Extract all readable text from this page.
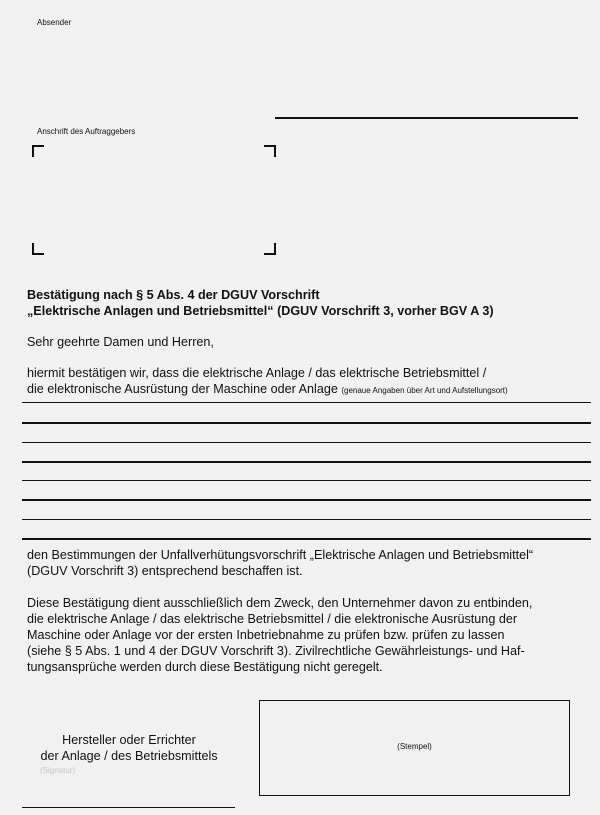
Absender
Anschrift des Auftraggebers
Bestätigung nach § 5 Abs. 4 der DGUV Vorschrift
„Elektrische Anlagen und Betriebsmittel“ (DGUV Vorschrift 3, vorher BGV A 3)
Sehr geehrte Damen und Herren,
hiermit bestätigen wir, dass die elektrische Anlage / das elektrische Betriebsmittel /
die elektronische Ausrüstung der Maschine oder Anlage (genaue Angaben über Art und Aufstellungsort)
den Bestimmungen der Unfallverhütungsvorschrift „Elektrische Anlagen und Betriebsmittel“
(DGUV Vorschrift 3) entsprechend beschaffen ist.
Diese Bestätigung dient ausschließlich dem Zweck, den Unternehmer davon zu entbinden,
die elektrische Anlage / das elektrische Betriebsmittel / die elektronische Ausrüstung der
Maschine oder Anlage vor der ersten Inbetriebnahme zu prüfen bzw. prüfen zu lassen
(siehe § 5 Abs. 1 und 4 der DGUV Vorschrift 3). Zivilrechtliche Gewährleistungs- und Haf-
tungsansprüche werden durch diese Bestätigung nicht geregelt.
Hersteller oder Errichter
der Anlage / des Betriebsmittels
(Signatur)
(Stempel)
